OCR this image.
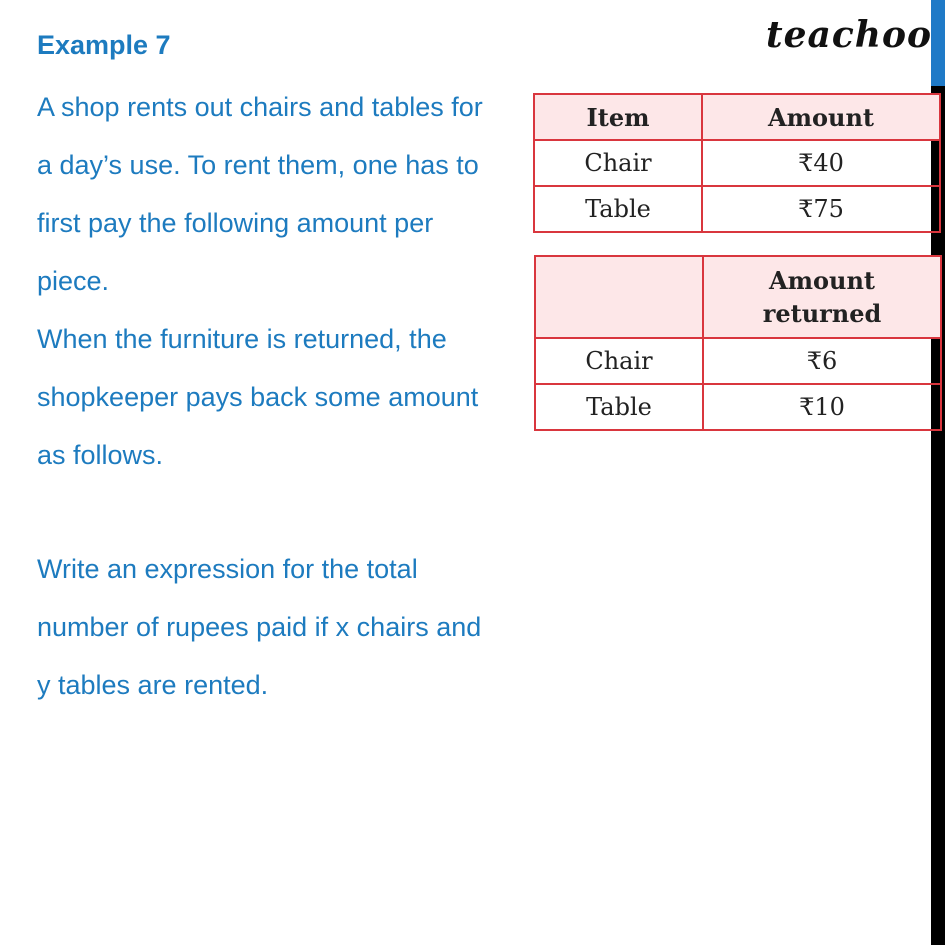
Example 7	teachoo
A shop rents out chairs and tables for
a day’s use. To rent them, one has to
first pay the following amount per
piece.
When the furniture is returned, the
shopkeeper pays back some amount
as follows.
Write an expression for the total
number of rupees paid if x chairs and
y tables are rented.
Item	Amount
Chair	₹40
Table	₹75
	Amount
returned
Chair	₹6
Table	₹10
